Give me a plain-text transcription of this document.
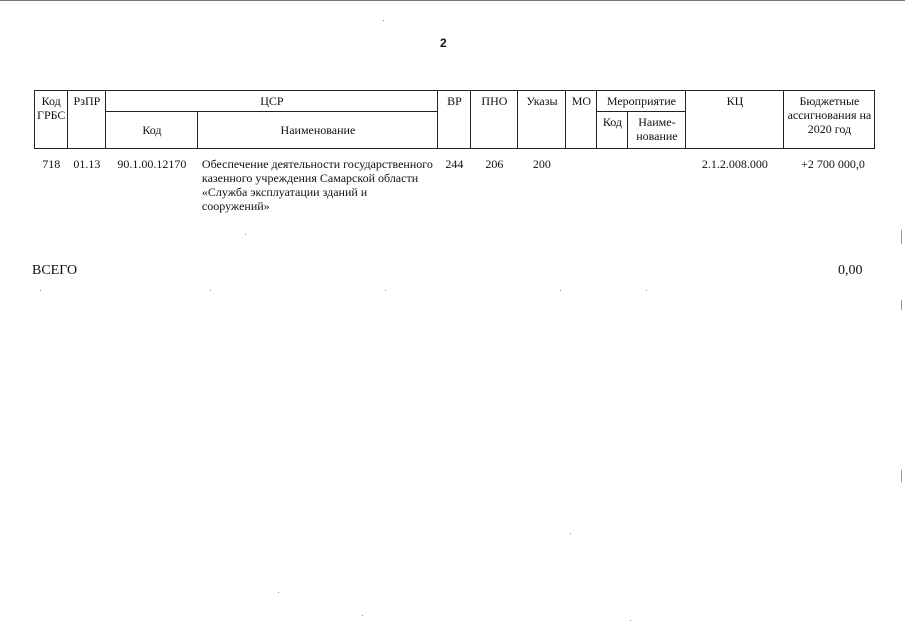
2
Код ГРБС	РзПР	ЦСР		ВР	ПНО	Указы	МО	Мероприятие		КЦ	Бюджетные ассигнования на 2020 год
		Код	Наименование					Код	Наиме-нование		
718	01.13	90.1.00.12170	Обеспечение деятельности государственного казенного учреждения Самарской области «Служба эксплуатации зданий и сооружений»	244	206	200				2.1.2.008.000	+2 700 000,0
ВСЕГО	0,00
